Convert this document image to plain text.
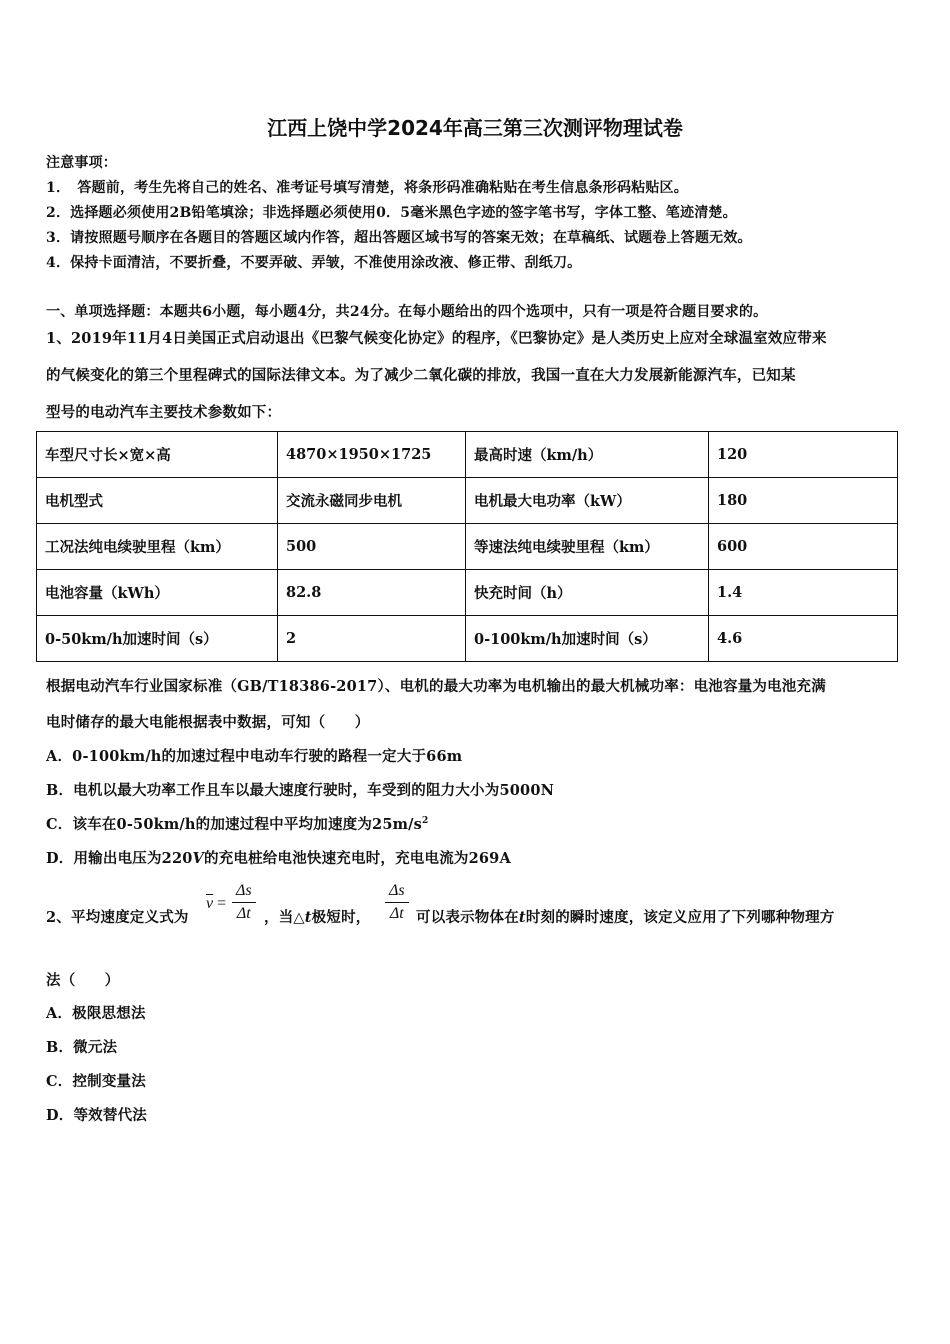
江西上饶中学2024年高三第三次测评物理试卷
注意事项：
1．　答题前，考生先将自己的姓名、准考证号填写清楚，将条形码准确粘贴在考生信息条形码粘贴区。
2．选择题必须使用2B铅笔填涂；非选择题必须使用0．5毫米黑色字迹的签字笔书写，字体工整、笔迹清楚。
3．请按照题号顺序在各题目的答题区域内作答，超出答题区域书写的答案无效；在草稿纸、试题卷上答题无效。
4．保持卡面清洁，不要折叠，不要弄破、弄皱，不准使用涂改液、修正带、刮纸刀。
一、单项选择题：本题共6小题，每小题4分，共24分。在每小题给出的四个选项中，只有一项是符合题目要求的。
1、2019年11月4日美国正式启动退出《巴黎气候变化协定》的程序，《巴黎协定》是人类历史上应对全球温室效应带来
的气候变化的第三个里程碑式的国际法律文本。为了减少二氧化碳的排放，我国一直在大力发展新能源汽车，已知某
型号的电动汽车主要技术参数如下：
车型尺寸长×宽×高	4870×1950×1725	最高时速（km/h）	120
电机型式	交流永磁同步电机	电机最大电功率（kW）	180
工况法纯电续驶里程（km）	500	等速法纯电续驶里程（km）	600
电池容量（kWh）	82.8	快充时间（h）	1.4
0-50km/h加速时间（s）	2	0-100km/h加速时间（s）	4.6
根据电动汽车行业国家标准（GB/T18386-2017）、电机的最大功率为电机输出的最大机械功率：电池容量为电池充满
电时储存的最大电能根据表中数据，可知（　　）
A．0-100km/h的加速过程中电动车行驶的路程一定大于66m
B．电机以最大功率工作且车以最大速度行驶时，车受到的阻力大小为5000N
C．该车在0-50km/h的加速过程中平均加速度为$25m/s^2$
D．用输出电压为220V的充电桩给电池快速充电时，充电电流为269A
2、平均速度定义式为
$\overline{v} = \frac{\Delta s}{\Delta t}$ ，当△t极短时， $\frac{\Delta s}{\Delta t}$ 可以表示物体在t时刻的瞬时速度，该定义应用了下列哪种物理方
法（　　）
A．极限思想法
B．微元法
C．控制变量法
D．等效替代法
